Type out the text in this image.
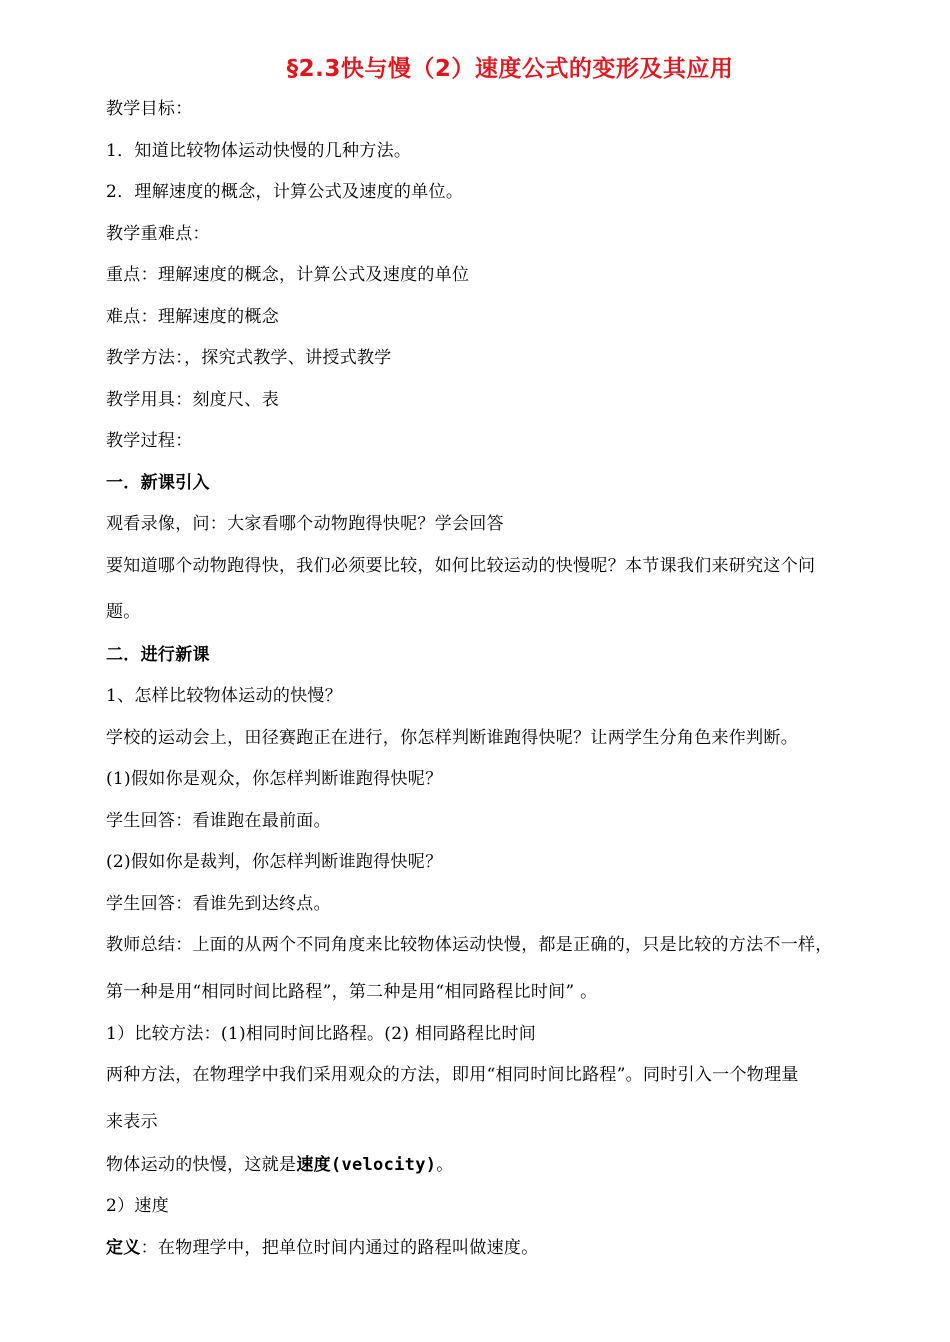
§2.3快与慢（2）速度公式的变形及其应用
教学目标：
1．知道比较物体运动快慢的几种方法。
2．理解速度的概念，计算公式及速度的单位。
教学重难点：
重点：理解速度的概念，计算公式及速度的单位
难点：理解速度的概念
教学方法：，探究式教学、讲授式教学
教学用具：刻度尺、表
教学过程：
一．新课引入
观看录像，问：大家看哪个动物跑得快呢？学会回答
要知道哪个动物跑得快，我们必须要比较，如何比较运动的快慢呢？本节课我们来研究这个问
题。
二．进行新课
1、怎样比较物体运动的快慢？
学校的运动会上，田径赛跑正在进行，你怎样判断谁跑得快呢？让两学生分角色来作判断。
(1)假如你是观众，你怎样判断谁跑得快呢？
学生回答：看谁跑在最前面。
(2)假如你是裁判，你怎样判断谁跑得快呢？
学生回答：看谁先到达终点。
教师总结：上面的从两个不同角度来比较物体运动快慢，都是正确的，只是比较的方法不一样，
第一种是用“相同时间比路程”，第二种是用“相同路程比时间” 。
1）比较方法：(1)相同时间比路程。(2) 相同路程比时间
两种方法，在物理学中我们采用观众的方法，即用“相同时间比路程”。同时引入一个物理量
来表示
物体运动的快慢，这就是速度(velocity)。
2）速度
定义：在物理学中，把单位时间内通过的路程叫做速度。
